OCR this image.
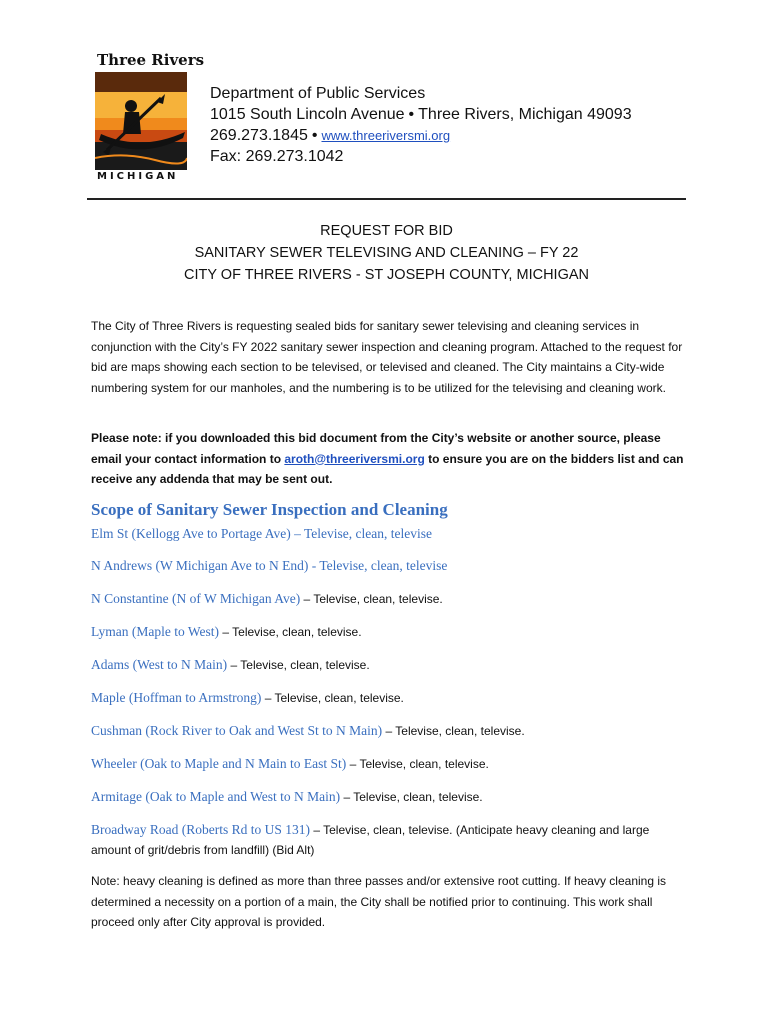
Three Rivers
MICHIGAN
Department of Public Services
1015 South Lincoln Avenue • Three Rivers, Michigan 49093
269.273.1845 • www.threeriversmi.org
Fax: 269.273.1042
REQUEST FOR BID
SANITARY SEWER TELEVISING AND CLEANING – FY 22
CITY OF THREE RIVERS - ST JOSEPH COUNTY, MICHIGAN
The City of Three Rivers is requesting sealed bids for sanitary sewer televising and cleaning services in conjunction with the City’s FY 2022 sanitary sewer inspection and cleaning program. Attached to the request for bid are maps showing each section to be televised, or televised and cleaned. The City maintains a City-wide numbering system for our manholes, and the numbering is to be utilized for the televising and cleaning work.
Please note: if you downloaded this bid document from the City’s website or another source, please email your contact information to aroth@threeriversmi.org to ensure you are on the bidders list and can receive any addenda that may be sent out.
Scope of Sanitary Sewer Inspection and Cleaning
Elm St (Kellogg Ave to Portage Ave) – Televise, clean, televise
N Andrews (W Michigan Ave to N End) - Televise, clean, televise
N Constantine (N of W Michigan Ave) – Televise, clean, televise.
Lyman (Maple to West) – Televise, clean, televise.
Adams (West to N Main) – Televise, clean, televise.
Maple (Hoffman to Armstrong) – Televise, clean, televise.
Cushman (Rock River to Oak and West St to N Main) – Televise, clean, televise.
Wheeler (Oak to Maple and N Main to East St) – Televise, clean, televise.
Armitage (Oak to Maple and West to N Main) – Televise, clean, televise.
Broadway Road (Roberts Rd to US 131) – Televise, clean, televise. (Anticipate heavy cleaning and large amount of grit/debris from landfill) (Bid Alt)
Note: heavy cleaning is defined as more than three passes and/or extensive root cutting. If heavy cleaning is determined a necessity on a portion of a main, the City shall be notified prior to continuing. This work shall proceed only after City approval is provided.
